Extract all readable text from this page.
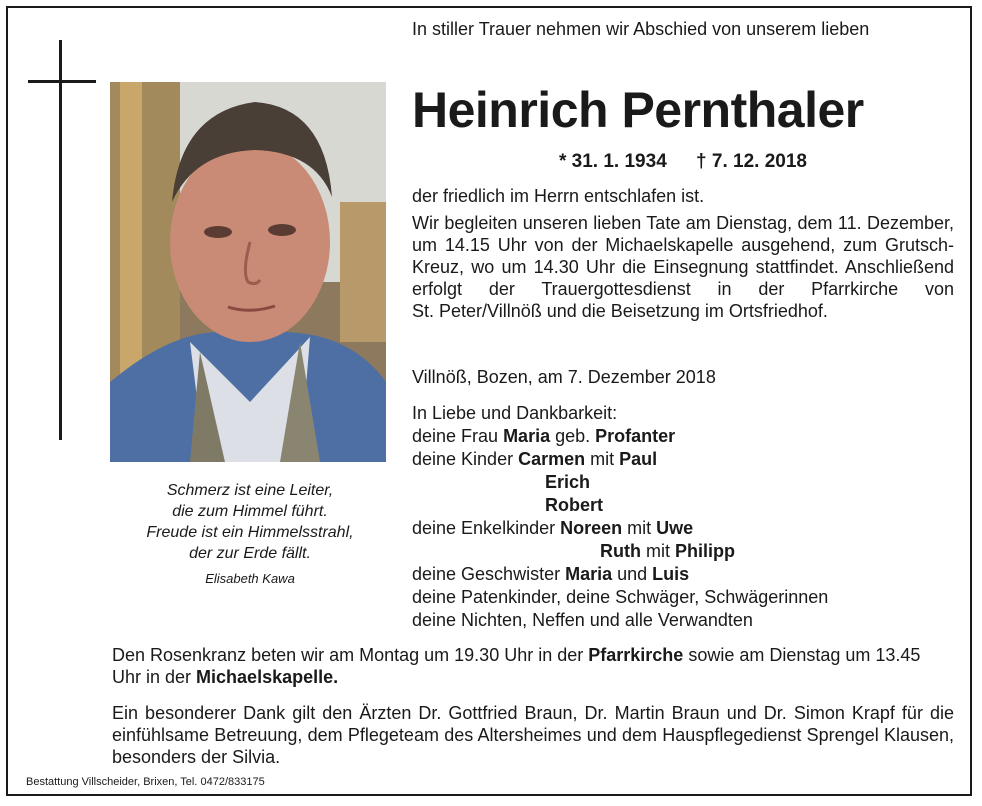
Schmerz ist eine Leiter,
die zum Himmel führt.
Freude ist ein Himmelsstrahl,
der zur Erde fällt.
Elisabeth Kawa
In stiller Trauer nehmen wir Abschied von unserem lieben
Heinrich Pernthaler
* 31. 1. 1934 † 7. 12. 2018
der friedlich im Herrn entschlafen ist.
Wir begleiten unseren lieben Tate am Dienstag, dem 11. Dezember, um 14.15 Uhr von der Michaelskapelle ausgehend, zum Grutsch-Kreuz, wo um 14.30 Uhr die Einsegnung stattfindet. Anschließend erfolgt der Trauergottesdienst in der Pfarrkirche von
St. Peter/Villnöß und die Beisetzung im Ortsfriedhof.
Villnöß, Bozen, am 7. Dezember 2018
In Liebe und Dankbarkeit:
deine Frau Maria geb. Profanter
deine Kinder Carmen mit Paul
Erich
Robert
deine Enkelkinder Noreen mit Uwe
Ruth mit Philipp
deine Geschwister Maria und Luis
deine Patenkinder, deine Schwäger, Schwägerinnen
deine Nichten, Neffen und alle Verwandten
Den Rosenkranz beten wir am Montag um 19.30 Uhr in der Pfarrkirche sowie am Dienstag um 13.45 Uhr in der Michaelskapelle.
Ein besonderer Dank gilt den Ärzten Dr. Gottfried Braun, Dr. Martin Braun und Dr. Simon Krapf für die einfühlsame Betreuung, dem Pflegeteam des Altersheimes und dem Hauspflegedienst Sprengel Klausen, besonders der Silvia.
Bestattung Villscheider, Brixen, Tel. 0472/833175
